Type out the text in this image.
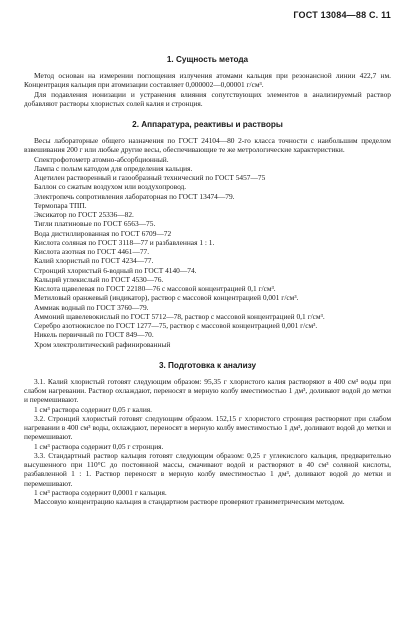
ГОСТ 13084—88 С. 11
1. Сущность метода

Метод основан на измерении поглощения излучения атомами кальция при резонансной линии 422,7 нм. Концентрация кальция при атомизации составляет 0,000002—0,00001 г/см³.

Для подавления ионизации и устранения влияния сопутствующих элементов в анализируемый раствор добавляют растворы хлористых солей калия и стронция.

2. Аппаратура, реактивы и растворы

Весы лабораторные общего назначения по ГОСТ 24104—80 2-го класса точности с наибольшим пределом взвешивания 200 г или любые другие весы, обеспечивающие те же метрологические характеристики.

Спектрофотометр атомно-абсорбционный.

Лампа с полым катодом для определения кальция.

Ацетилен растворенный и газообразный технический по ГОСТ 5457—75

Баллон со сжатым воздухом или воздухопровод.

Электропечь сопротивления лабораторная по ГОСТ 13474—79.

Термопара ТПП.

Эксикатор по ГОСТ 25336—82.

Тигли платиновые по ГОСТ 6563—75.

Вода дистиллированная по ГОСТ 6709—72

Кислота соляная по ГОСТ 3118—77 и разбавленная 1 : 1.

Кислота азотная по ГОСТ 4461—77.

Калий хлористый по ГОСТ 4234—77.

Стронций хлористый 6-водный по ГОСТ 4140—74.

Кальций углекислый по ГОСТ 4530—76.

Кислота щавелевая по ГОСТ 22180—76 с массовой концентрацией 0,1 г/см³.

Метиловый оранжевый (индикатор), раствор с массовой концентрацией 0,001 г/см³.

Аммиак водный по ГОСТ 3760—79.

Аммоний щавелевокислый по ГОСТ 5712—78, раствор с массовой концентрацией 0,1 г/см³.

Серебро азотнокислое по ГОСТ 1277—75, раствор с массовой концентрацией 0,001 г/см³.

Никель первичный по ГОСТ 849—70.

Хром электролитический рафинированный

3. Подготовка к анализу

3.1. Калий хлористый готовят следующим образом: 95,35 г хлористого калия растворяют в 400 см³ воды при слабом нагревании. Раствор охлаждают, переносят в мерную колбу вместимостью 1 дм³, доливают водой до метки и перемешивают.

1 см³ раствора содержит 0,05 г калия.

3.2. Стронций хлористый готовят следующим образом. 152,15 г хлористого стронция растворяют при слабом нагревании в 400 см³ воды, охлаждают, переносят в мерную колбу вместимостью 1 дм³, доливают водой до метки и перемешивают.

1 см³ раствора содержит 0,05 г стронция.

3.3. Стандартный раствор кальция готовят следующим образом: 0,25 г углекислого кальция, предварительно высушенного при 110°С до постоянной массы, смачивают водой и растворяют в 40 см³ соляной кислоты, разбавленной 1 : 1. Раствор переносят в мерную колбу вместимостью 1 дм³, доливают водой до метки и перемешивают.

1 см³ раствора содержит 0,0001 г кальция.

Массовую концентрацию кальция в стандартном растворе проверяют гравиметрическим методом.
